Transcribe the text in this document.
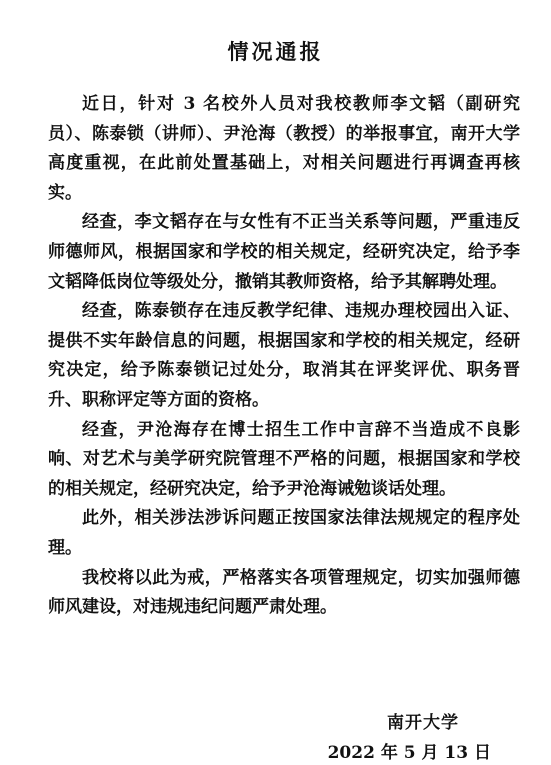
情况通报

近日，针对 3 名校外人员对我校教师李文韬（副研究员）、陈泰锁（讲师）、尹沧海（教授）的举报事宜，南开大学高度重视，在此前处置基础上，对相关问题进行再调查再核实。

经查，李文韬存在与女性有不正当关系等问题，严重违反师德师风，根据国家和学校的相关规定，经研究决定，给予李文韬降低岗位等级处分，撤销其教师资格，给予其解聘处理。

经查，陈泰锁存在违反教学纪律、违规办理校园出入证、提供不实年龄信息的问题，根据国家和学校的相关规定，经研究决定，给予陈泰锁记过处分，取消其在评奖评优、职务晋升、职称评定等方面的资格。

经查，尹沧海存在博士招生工作中言辞不当造成不良影响、对艺术与美学研究院管理不严格的问题，根据国家和学校的相关规定，经研究决定，给予尹沧海诫勉谈话处理。

此外，相关涉法涉诉问题正按国家法律法规规定的程序处理。

我校将以此为戒，严格落实各项管理规定，切实加强师德师风建设，对违规违纪问题严肃处理。

南开大学
2022 年 5 月 13 日
